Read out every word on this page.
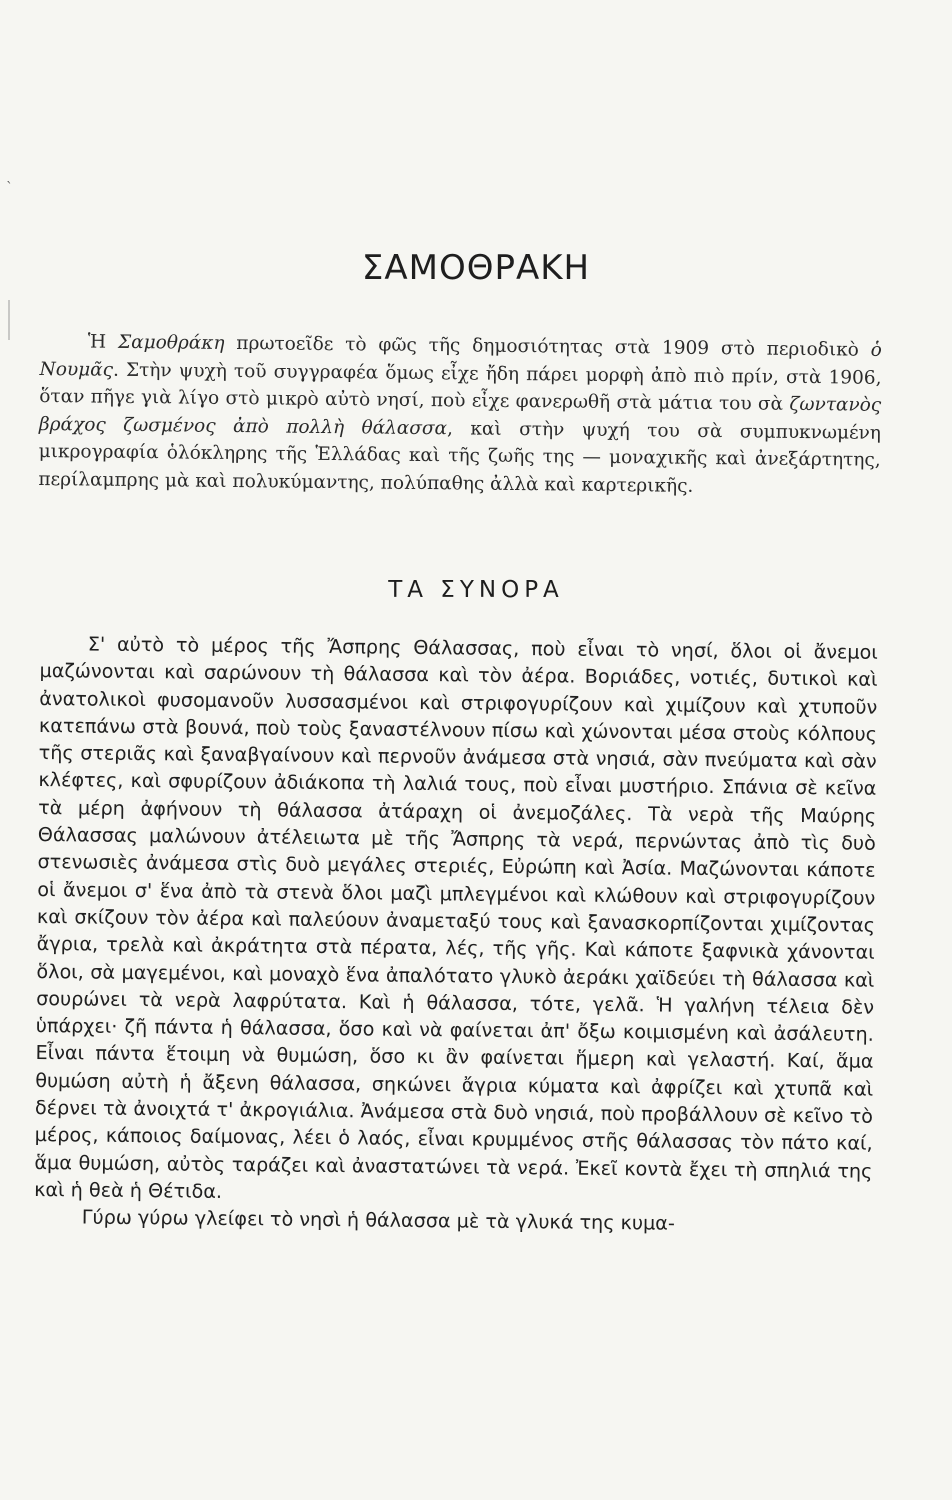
`
ΣΑΜΟΘΡΑΚΗ

Ἡ Σαμοθράκη πρωτοεῖδε τὸ φῶς τῆς δημοσιότητας στὰ 1909 στὸ περιοδικὸ ὁ Νουμᾶς. Στὴν ψυχὴ τοῦ συγγραφέα ὅμως εἶχε ἤδη πάρει μορφὴ ἀπὸ πιὸ πρίν, στὰ 1906, ὅταν πῆγε γιὰ λίγο στὸ μικρὸ αὐτὸ νησί, ποὺ εἶχε φανερωθῆ στὰ μάτια του σὰ ζωντανὸς βράχος ζωσμένος ἀπὸ πολλὴ θάλασσα, καὶ στὴν ψυχή του σὰ συμπυκνωμένη μικρογραφία ὁλόκληρης τῆς Ἑλλάδας καὶ τῆς ζωῆς της — μοναχικῆς καὶ ἀνεξάρτητης, περίλαμπρης μὰ καὶ πολυκύμαντης, πολύπαθης ἀλλὰ καὶ καρτερικῆς.

ΤΑ ΣΥΝΟΡΑ

Σ' αὐτὸ τὸ μέρος τῆς Ἄσπρης Θάλασσας, ποὺ εἶναι τὸ νησί, ὅλοι οἱ ἄνεμοι μαζώνονται καὶ σαρώνουν τὴ θάλασσα καὶ τὸν ἀέρα. Βοριάδες, νοτιές, δυτικοὶ καὶ ἀνατολικοὶ φυσομανοῦν λυσσασμένοι καὶ στριφογυρίζουν καὶ χιμίζουν καὶ χτυποῦν κατεπάνω στὰ βουνά, ποὺ τοὺς ξαναστέλνουν πίσω καὶ χώνονται μέσα στοὺς κόλπους τῆς στεριᾶς καὶ ξαναβγαίνουν καὶ περνοῦν ἀνάμεσα στὰ νησιά, σὰν πνεύματα καὶ σὰν κλέφτες, καὶ σφυρίζουν ἀδιάκοπα τὴ λαλιά τους, ποὺ εἶναι μυστήριο. Σπάνια σὲ κεῖνα τὰ μέρη ἀφήνουν τὴ θάλασσα ἀτάραχη οἱ ἀνεμοζάλες. Τὰ νερὰ τῆς Μαύρης Θάλασσας μαλώνουν ἀτέλειωτα μὲ τῆς Ἄσπρης τὰ νερά, περνώντας ἀπὸ τὶς δυὸ στενωσιὲς ἀνάμεσα στὶς δυὸ μεγάλες στεριές, Εὐρώπη καὶ Ἀσία. Μαζώνονται κάποτε οἱ ἄνεμοι σ' ἕνα ἀπὸ τὰ στενὰ ὅλοι μαζὶ μπλεγμένοι καὶ κλώθουν καὶ στριφογυρίζουν καὶ σκίζουν τὸν ἀέρα καὶ παλεύουν ἀναμεταξύ τους καὶ ξανασκορπίζονται χιμίζοντας ἄγρια, τρελὰ καὶ ἀκράτητα στὰ πέρατα, λές, τῆς γῆς. Καὶ κάποτε ξαφνικὰ χάνονται ὅλοι, σὰ μαγεμένοι, καὶ μοναχὸ ἕνα ἀπαλότατο γλυκὸ ἀεράκι χαϊδεύει τὴ θάλασσα καὶ σουρώνει τὰ νερὰ λαφρύτατα. Καὶ ἡ θάλασσα, τότε, γελᾶ. Ἡ γαλήνη τέλεια δὲν ὑπάρχει· ζῆ πάντα ἡ θάλασσα, ὅσο καὶ νὰ φαίνεται ἀπ' ὄξω κοιμισμένη καὶ ἀσάλευτη. Εἶναι πάντα ἕτοιμη νὰ θυμώση, ὅσο κι ἂν φαίνεται ἥμερη καὶ γελαστή. Καί, ἅμα θυμώση αὐτὴ ἡ ἄξενη θάλασσα, σηκώνει ἄγρια κύματα καὶ ἀφρίζει καὶ χτυπᾶ καὶ δέρνει τὰ ἀνοιχτά τ' ἀκρογιάλια. Ἀνάμεσα στὰ δυὸ νησιά, ποὺ προβάλλουν σὲ κεῖνο τὸ μέρος, κάποιος δαίμονας, λέει ὁ λαός, εἶναι κρυμμένος στῆς θάλασσας τὸν πάτο καί, ἅμα θυμώση, αὐτὸς ταράζει καὶ ἀναστατώνει τὰ νερά. Ἐκεῖ κοντὰ ἔχει τὴ σπηλιά της καὶ ἡ θεὰ ἡ Θέτιδα.

Γύρω γύρω γλείφει τὸ νησὶ ἡ θάλασσα μὲ τὰ γλυκά της κυμα-
